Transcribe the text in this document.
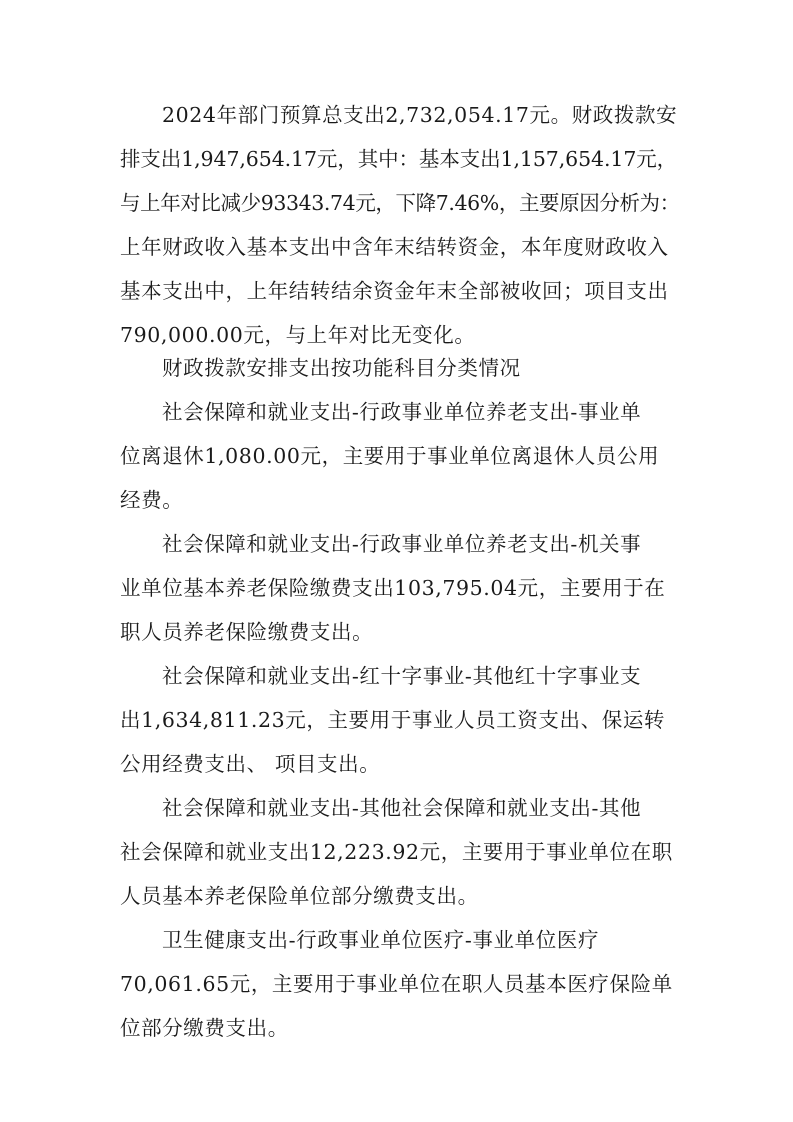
2024年部门预算总支出2,732,054.17元。财政拨款安
排支出1,947,654.17元，其中：基本支出1,157,654.17元，
与上年对比减少93343.74元，下降7.46%，主要原因分析为：
上年财政收入基本支出中含年末结转资金，本年度财政收入
基本支出中，上年结转结余资金年末全部被收回；项目支出
790,000.00元，与上年对比无变化。
财政拨款安排支出按功能科目分类情况
社会保障和就业支出-行政事业单位养老支出-事业单
位离退休1,080.00元，主要用于事业单位离退休人员公用
经费。
社会保障和就业支出-行政事业单位养老支出-机关事
业单位基本养老保险缴费支出103,795.04元，主要用于在
职人员养老保险缴费支出。
社会保障和就业支出-红十字事业-其他红十字事业支
出1,634,811.23元，主要用于事业人员工资支出、保运转
公用经费支出、 项目支出。
社会保障和就业支出-其他社会保障和就业支出-其他
社会保障和就业支出12,223.92元，主要用于事业单位在职
人员基本养老保险单位部分缴费支出。
卫生健康支出-行政事业单位医疗-事业单位医疗
70,061.65元，主要用于事业单位在职人员基本医疗保险单
位部分缴费支出。
